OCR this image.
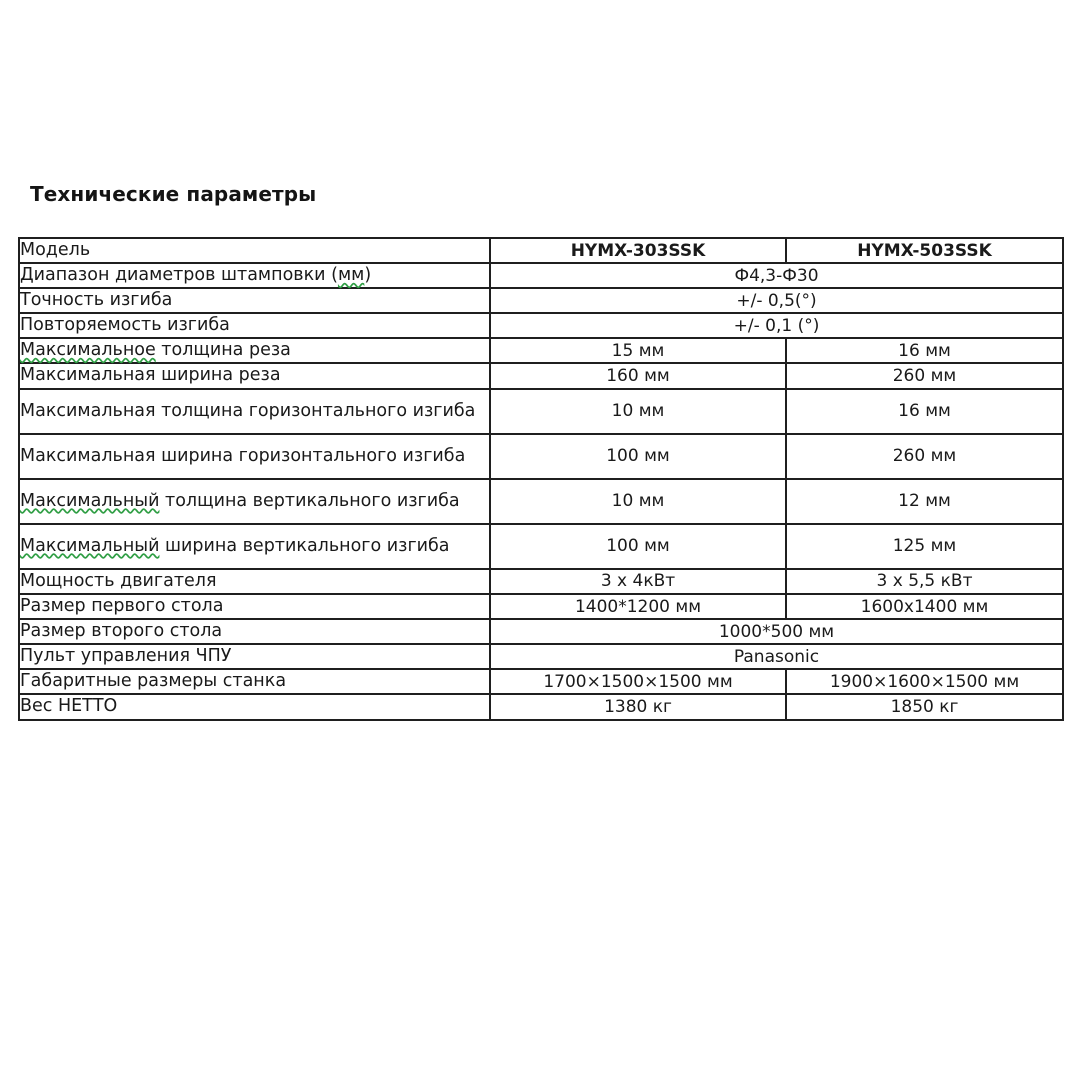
Технические параметры
Модель	HYMX-303SSK	HYMX-503SSK
Диапазон диаметров штамповки (мм)	Ф4,3-Ф30	
Точность изгиба	+/- 0,5(°)	
Повторяемость изгиба	+/- 0,1 (°)	
Максимальное толщина реза	15 мм	16 мм
Максимальная ширина реза	160 мм	260 мм
Максимальная толщина горизонтального изгиба	10 мм	16 мм
Максимальная ширина горизонтального изгиба	100 мм	260 мм
Максимальный толщина вертикального изгиба	10 мм	12 мм
Максимальный ширина вертикального изгиба	100 мм	125 мм
Мощность двигателя	3 х 4кВт	3 х 5,5 кВт
Размер первого стола	1400*1200 мм	1600x1400 мм
Размер второго стола	1000*500 мм	
Пульт управления ЧПУ	Panasonic	
Габаритные размеры станка	1700×1500×1500 мм	1900×1600×1500 мм
Вес НЕТТО	1380 кг	1850 кг
